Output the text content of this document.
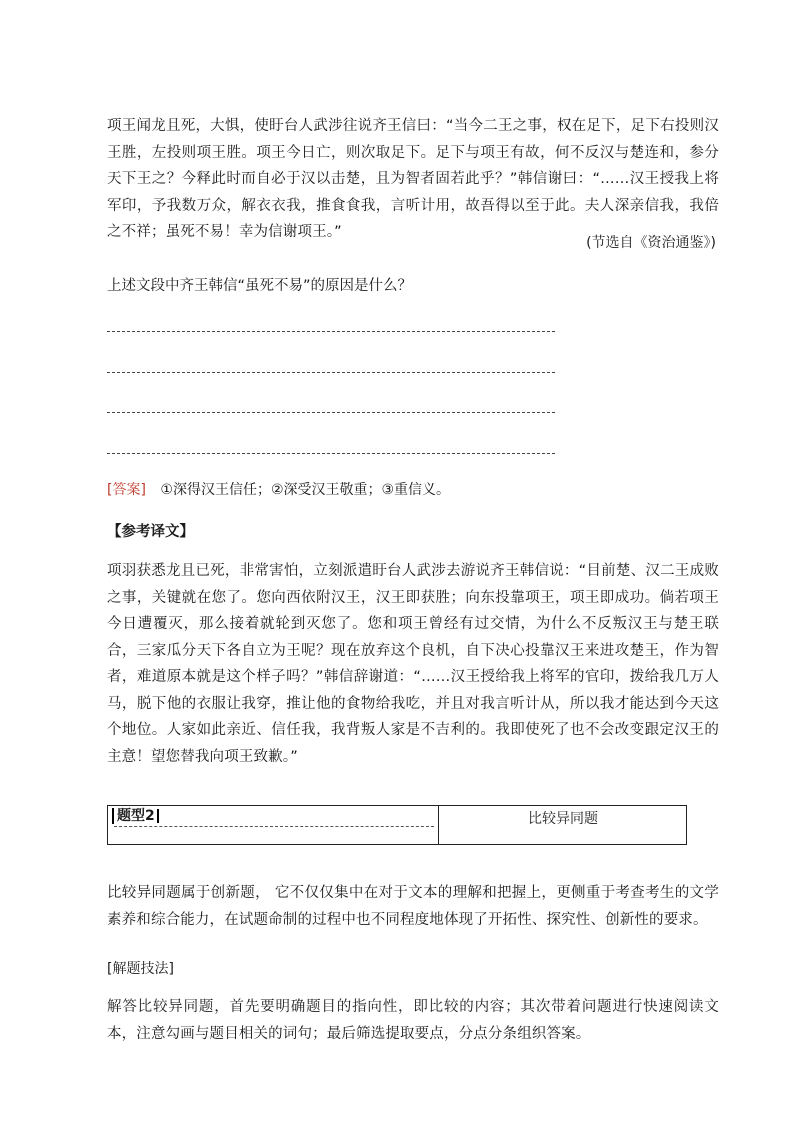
项王闻龙且死，大惧，使盱台人武涉往说齐王信曰：“当今二王之事，权在足下，足下右投则汉王胜，左投则项王胜。项王今日亡，则次取足下。足下与项王有故，何不反汉与楚连和，参分天下王之？今释此时而自必于汉以击楚，且为智者固若此乎？”韩信谢曰：“……汉王授我上将军印，予我数万众，解衣衣我，推食食我，言听计用，故吾得以至于此。夫人深亲信我，我倍之不祥；虽死不易！幸为信谢项王。”
(节选自《资治通鉴》)
上述文段中齐王韩信“虽死不易”的原因是什么？
[答案] ①深得汉王信任；②深受汉王敬重；③重信义。
【参考译文】
项羽获悉龙且已死，非常害怕，立刻派遣盱台人武涉去游说齐王韩信说：“目前楚、汉二王成败之事，关键就在您了。您向西依附汉王，汉王即获胜；向东投靠项王，项王即成功。倘若项王今日遭覆灭，那么接着就轮到灭您了。您和项王曾经有过交情，为什么不反叛汉王与楚王联合，三家瓜分天下各自立为王呢？现在放弃这个良机，自下决心投靠汉王来进攻楚王，作为智者，难道原本就是这个样子吗？”韩信辞谢道：“……汉王授给我上将军的官印，拨给我几万人马，脱下他的衣服让我穿，推让他的食物给我吃，并且对我言听计从，所以我才能达到今天这个地位。人家如此亲近、信任我，我背叛人家是不吉利的。我即使死了也不会改变跟定汉王的主意！望您替我向项王致歉。”
题型2	比较异同题
比较异同题属于创新题， 它不仅仅集中在对于文本的理解和把握上，更侧重于考查考生的文学素养和综合能力，在试题命制的过程中也不同程度地体现了开拓性、探究性、创新性的要求。
[解题技法]
解答比较异同题，首先要明确题目的指向性，即比较的内容；其次带着问题进行快速阅读文本，注意勾画与题目相关的词句；最后筛选提取要点，分点分条组织答案。
